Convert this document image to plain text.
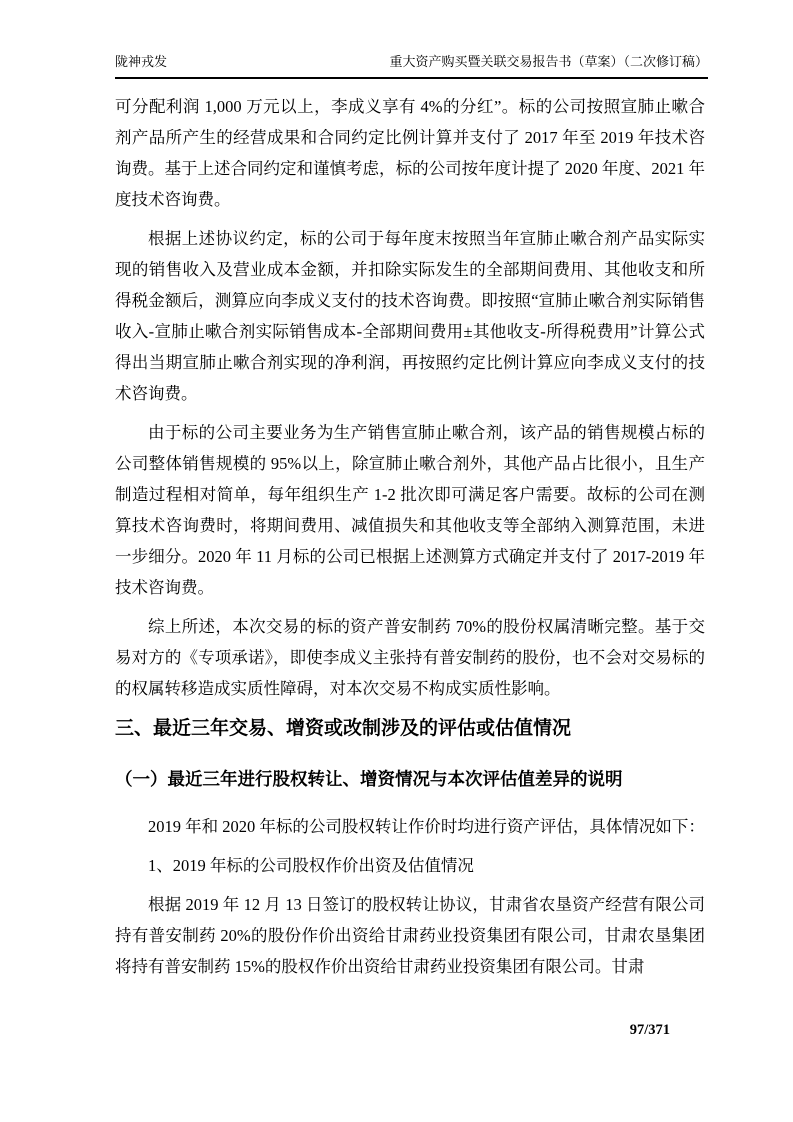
陇神戎发	重大资产购买暨关联交易报告书（草案）（二次修订稿）

可分配利润 1,000 万元以上，李成义享有 4%的分红”。标的公司按照宣肺止嗽合剂产品所产生的经营成果和合同约定比例计算并支付了 2017 年至 2019 年技术咨询费。基于上述合同约定和谨慎考虑，标的公司按年度计提了 2020 年度、2021 年度技术咨询费。

根据上述协议约定，标的公司于每年度末按照当年宣肺止嗽合剂产品实际实现的销售收入及营业成本金额，并扣除实际发生的全部期间费用、其他收支和所得税金额后，测算应向李成义支付的技术咨询费。即按照“宣肺止嗽合剂实际销售收入-宣肺止嗽合剂实际销售成本-全部期间费用±其他收支-所得税费用”计算公式得出当期宣肺止嗽合剂实现的净利润，再按照约定比例计算应向李成义支付的技术咨询费。

由于标的公司主要业务为生产销售宣肺止嗽合剂，该产品的销售规模占标的公司整体销售规模的 95%以上，除宣肺止嗽合剂外，其他产品占比很小，且生产制造过程相对简单，每年组织生产 1-2 批次即可满足客户需要。故标的公司在测算技术咨询费时，将期间费用、减值损失和其他收支等全部纳入测算范围，未进一步细分。2020 年 11 月标的公司已根据上述测算方式确定并支付了 2017-2019 年技术咨询费。

综上所述，本次交易的标的资产普安制药 70%的股份权属清晰完整。基于交易对方的《专项承诺》，即使李成义主张持有普安制药的股份，也不会对交易标的的权属转移造成实质性障碍，对本次交易不构成实质性影响。

三、最近三年交易、增资或改制涉及的评估或估值情况
（一）最近三年进行股权转让、增资情况与本次评估值差异的说明

2019 年和 2020 年标的公司股权转让作价时均进行资产评估，具体情况如下：

1、2019 年标的公司股权作价出资及估值情况

根据 2019 年 12 月 13 日签订的股权转让协议，甘肃省农垦资产经营有限公司持有普安制药 20%的股份作价出资给甘肃药业投资集团有限公司，甘肃农垦集团将持有普安制药 15%的股权作价出资给甘肃药业投资集团有限公司。甘肃

97/371
